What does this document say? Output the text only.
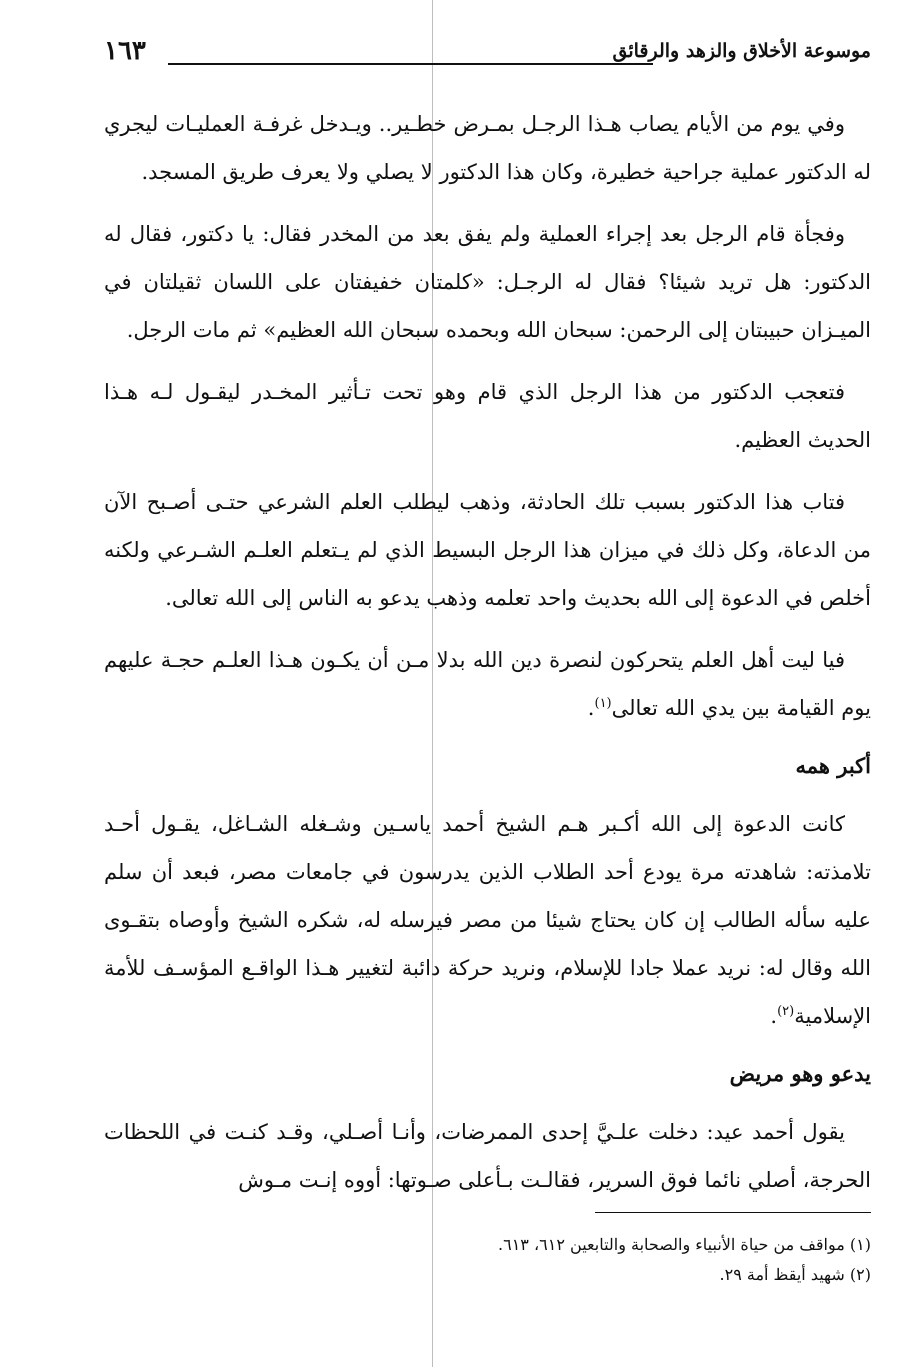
موسوعة الأخلاق والزهد والرقائق
١٦٣

وفي يوم من الأيام يصاب هـذا الرجـل بمـرض خطـير.. ويـدخل غرفـة العمليـات ليجري له الدكتور عملية جراحية خطيرة، وكان هذا الدكتور لا يصلي ولا يعرف طريق المسجد.

وفجأة قام الرجل بعد إجراء العملية ولم يفق بعد من المخدر فقال: يا دكتور، فقال له الدكتور: هل تريد شيئا؟ فقال له الرجـل: «كلمتان خفيفتان على اللسان ثقيلتان في الميـزان حبيبتان إلى الرحمن: سبحان الله وبحمده سبحان الله العظيم» ثم مات الرجل.

فتعجب الدكتور من هذا الرجل الذي قام وهو تحت تـأثير المخـدر ليقـول لـه هـذا الحديث العظيم.

فتاب هذا الدكتور بسبب تلك الحادثة، وذهب ليطلب العلم الشرعي حتـى أصـبح الآن من الدعاة، وكل ذلك في ميزان هذا الرجل البسيط الذي لم يـتعلم العلـم الشـرعي ولكنه أخلص في الدعوة إلى الله بحديث واحد تعلمه وذهب يدعو به الناس إلى الله تعالى.

فيا ليت أهل العلم يتحركون لنصرة دين الله بدلا مـن أن يكـون هـذا العلـم حجـة عليهم يوم القيامة بين يدي الله تعالى$^{(١)}$.

أكبر همه

كانت الدعوة إلى الله أكـبر هـم الشيخ أحمد ياسـين وشـغله الشـاغل، يقـول أحـد تلامذته: شاهدته مرة يودع أحد الطلاب الذين يدرسون في جامعات مصر، فبعد أن سلم عليه سأله الطالب إن كان يحتاج شيئا من مصر فيرسله له، شكره الشيخ وأوصاه بتقـوى الله وقال له: نريد عملا جادا للإسلام، ونريد حركة دائبة لتغيير هـذا الواقـع المؤسـف للأمة الإسلامية$^{(٢)}$.

يدعو وهو مريض

يقول أحمد عيد: دخلت علـيَّ إحدى الممرضات، وأنـا أصـلي، وقـد كنـت في اللحظات الحرجة، أصلي نائما فوق السرير، فقالـت بـأعلى صـوتها: أووه إنـت مـوش

(١) مواقف من حياة الأنبياء والصحابة والتابعين ٦١٢، ٦١٣.

(٢) شهيد أيقظ أمة ٢٩.
